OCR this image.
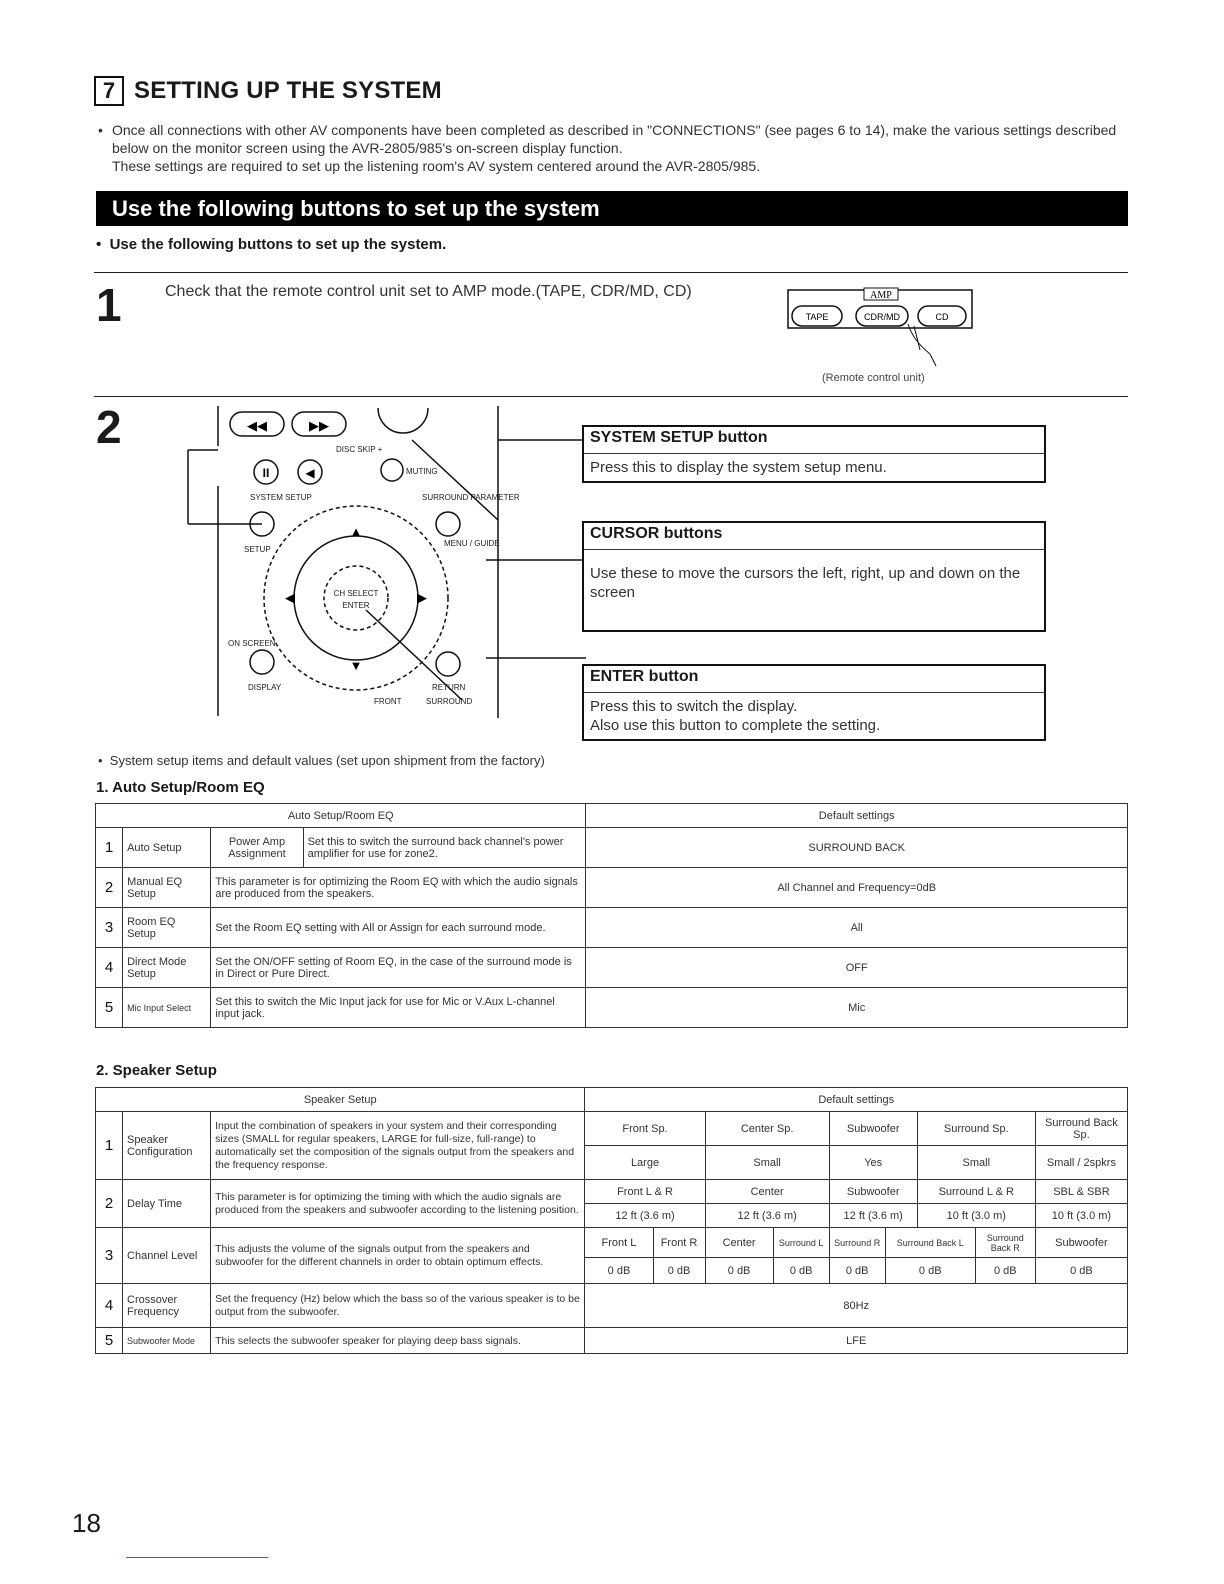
7 SETTING UP THE SYSTEM
• Once all connections with other AV components have been completed as described in "CONNECTIONS" (see pages 6 to 14), make the various settings described below on the monitor screen using the AVR-2805/985's on-screen display function.
These settings are required to set up the listening room's AV system centered around the AVR-2805/985.
Use the following buttons to set up the system
•  Use the following buttons to set up the system.
1	Check that the remote control unit set to AMP mode.(TAPE, CDR/MD, CD)	AMP
TAPE	CDR/MD	CD
(Remote control unit)
2
II	◀
◀◀	▶▶
▲
▼
◀	▶
DISC SKIP +
MUTING
SYSTEM SETUP	SURROUND PARAMETER
SETUP
MENU / GUIDE
CH SELECT
ENTER
ON SCREEN
DISPLAY	RETURN
FRONT	SURROUND
SYSTEM SETUP button
Press this to display the system setup menu.
CURSOR buttons
Use these to move the cursors the left, right, up and down on the screen
ENTER button
Press this to switch the display.
Also use this button to complete the setting.
•  System setup items and default values (set upon shipment from the factory)
1. Auto Setup/Room EQ
Auto Setup/Room EQ				Default settings
1	Auto Setup	Power Amp Assignment	Set this to switch the surround back channel's power amplifier for use for zone2.	SURROUND BACK
2	Manual EQ Setup	This parameter is for optimizing the Room EQ with which the audio signals are produced from the speakers.		All Channel and Frequency=0dB
3	Room EQ Setup	Set the Room EQ setting with All or Assign for each surround mode.		All
4	Direct Mode Setup	Set the ON/OFF setting of Room EQ, in the case of the surround mode is in Direct or Pure Direct.		OFF
5	Mic Input Select	Set this to switch the Mic Input jack for use for Mic or V.Aux L-channel input jack.		Mic
2. Speaker Setup
Speaker Setup			Default settings								
1	Speaker Configuration	Input the combination of speakers in your system and their corresponding sizes (SMALL for regular speakers, LARGE for full-size, full-range) to automatically set the composition of the signals output from the speakers and the frequency response.	Front Sp.		Center Sp.		Subwoofer		Surround Sp.		Surround Back Sp.
			Large		Small		Yes		Small		Small / 2spkrs
2	Delay Time	This parameter is for optimizing the timing with which the audio signals are produced from the speakers and subwoofer according to the listening position.	Front L & R		Center		Subwoofer		Surround L & R		SBL & SBR
			12 ft (3.6 m)		12 ft (3.6 m)		12 ft (3.6 m)		10 ft (3.0 m)		10 ft (3.0 m)
3	Channel Level	This adjusts the volume of the signals output from the speakers and subwoofer for the different channels in order to obtain optimum effects.	Front L	Front R	Center	Surround L	Surround R	Surround Back L		Surround Back R	Subwoofer
			0 dB	0 dB	0 dB	0 dB	0 dB	0 dB		0 dB	0 dB
4	Crossover Frequency	Set the frequency (Hz) below which the bass so of the various speaker is to be output from the subwoofer.	80Hz								
5	Subwoofer Mode	This selects the subwoofer speaker for playing deep bass signals.	LFE								
18
